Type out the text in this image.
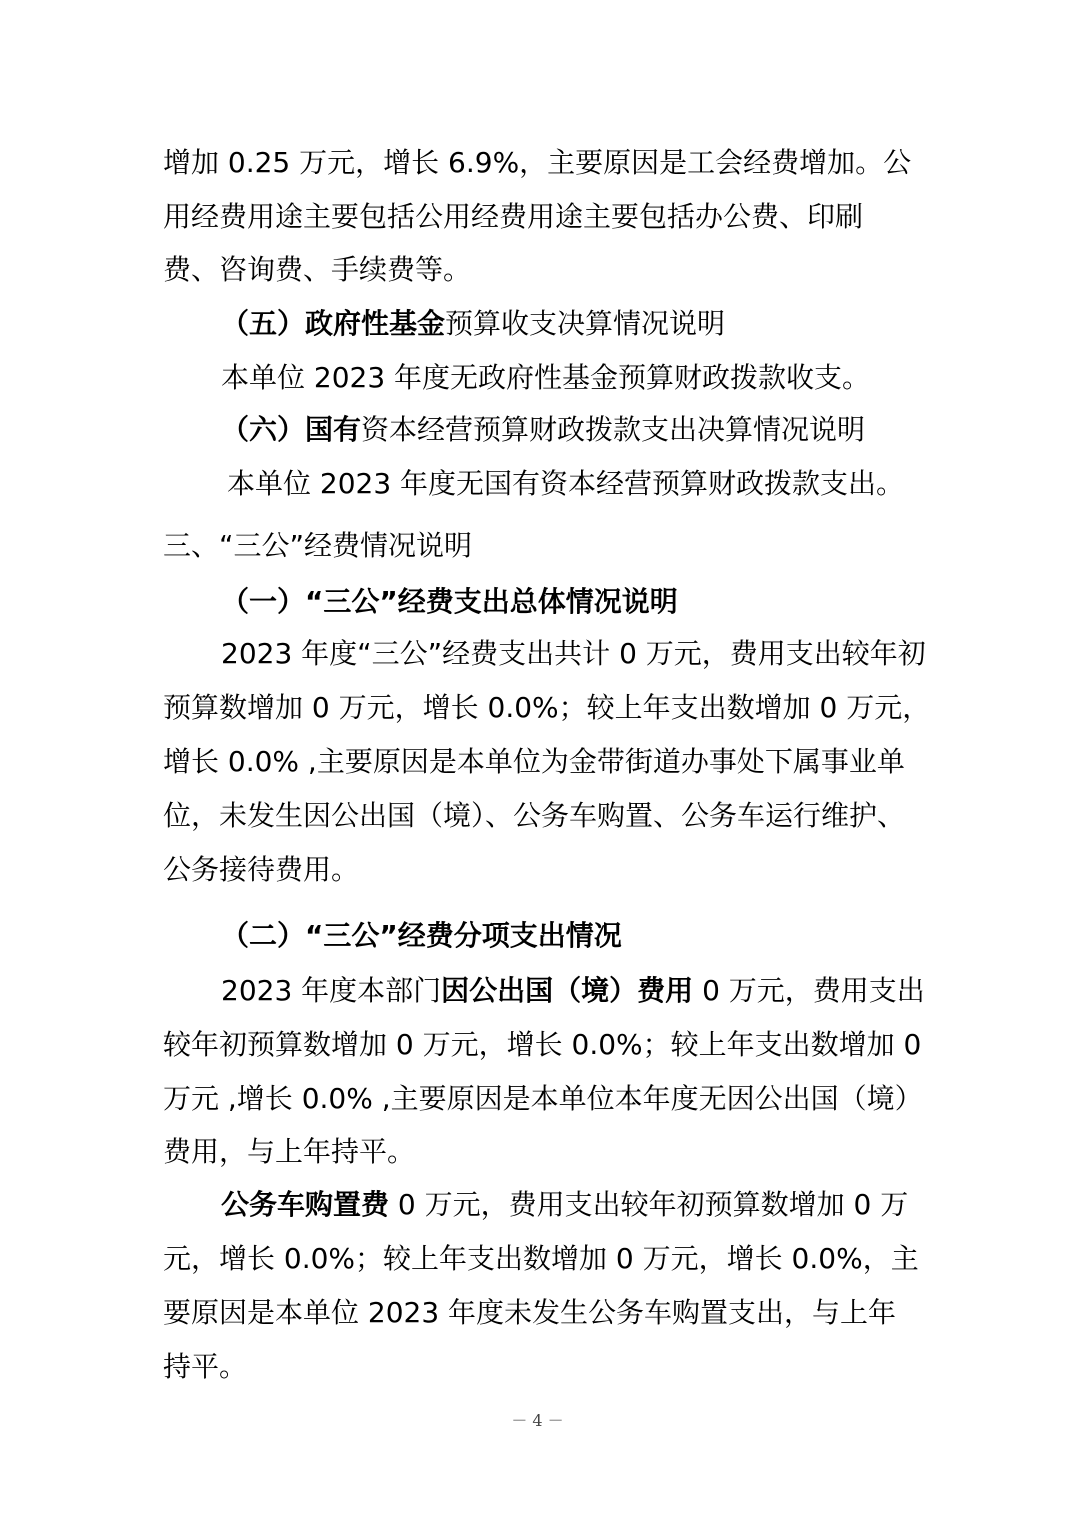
增加 0.25 万元，增长 6.9%，主要原因是工会经费增加。公

用经费用途主要包括公用经费用途主要包括办公费、印刷

费、咨询费、手续费等。

（五）政府性基金预算收支决算情况说明

本单位 2023 年度无政府性基金预算财政拨款收支。

（六）国有资本经营预算财政拨款支出决算情况说明

本单位 2023 年度无国有资本经营预算财政拨款支出。

三、“三公”经费情况说明

（一）“三公”经费支出总体情况说明

2023 年度“三公”经费支出共计 0 万元，费用支出较年初

预算数增加 0 万元，增长 0.0%；较上年支出数增加 0 万元，

增长 0.0% ,主要原因是本单位为金带街道办事处下属事业单

位，未发生因公出国（境）、公务车购置、公务车运行维护、

公务接待费用。

（二）“三公”经费分项支出情况

2023 年度本部门因公出国（境）费用 0 万元，费用支出

较年初预算数增加 0 万元，增长 0.0%；较上年支出数增加 0

万元 ,增长 0.0% ,主要原因是本单位本年度无因公出国（境）

费用，与上年持平。

公务车购置费 0 万元，费用支出较年初预算数增加 0 万

元，增长 0.0%；较上年支出数增加 0 万元，增长 0.0%，主

要原因是本单位 2023 年度未发生公务车购置支出，与上年

持平。

－ 4 －
